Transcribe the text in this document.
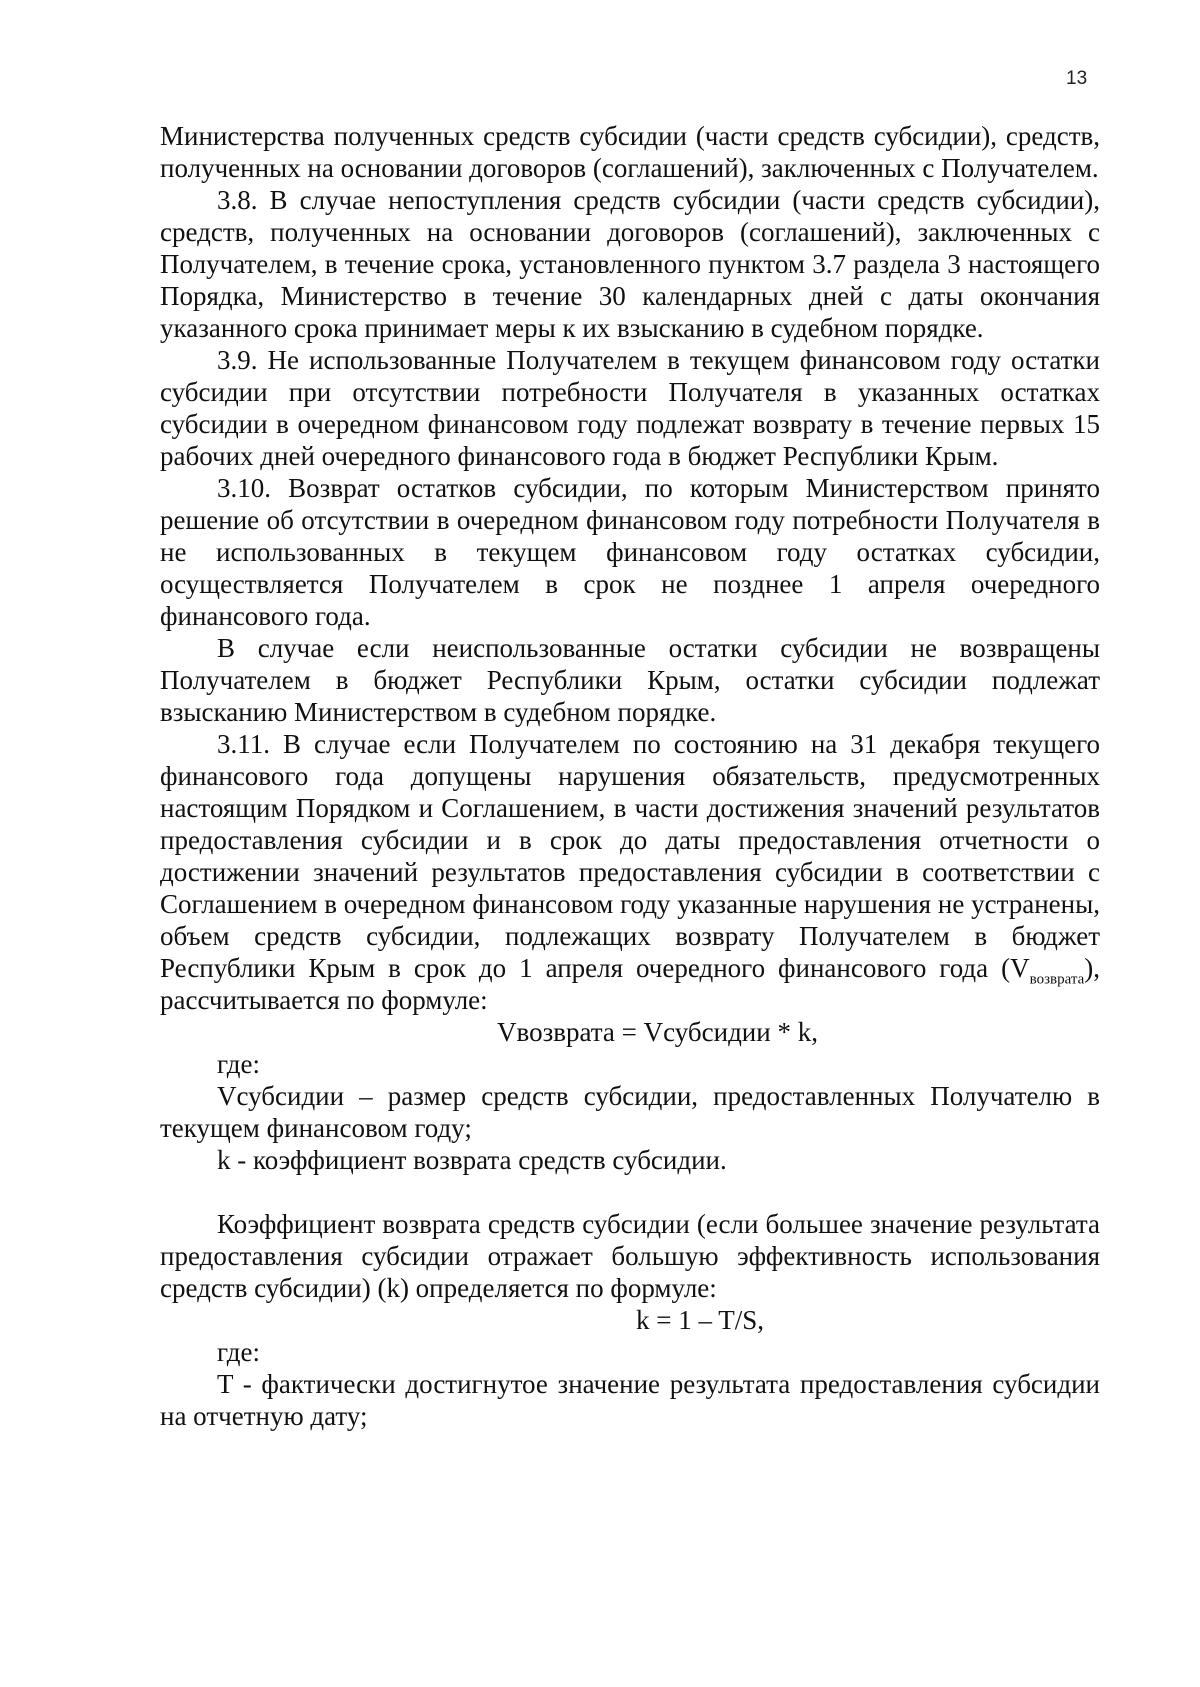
13

Министерства полученных средств субсидии (части средств субсидии), средств, полученных на основании договоров (соглашений), заключенных с Получателем.

3.8. В случае непоступления средств субсидии (части средств субсидии), средств, полученных на основании договоров (соглашений), заключенных с Получателем, в течение срока, установленного пунктом 3.7 раздела 3 настоящего Порядка, Министерство в течение 30 календарных дней с даты окончания указанного срока принимает меры к их взысканию в судебном порядке.

3.9. Не использованные Получателем в текущем финансовом году остатки субсидии при отсутствии потребности Получателя в указанных остатках субсидии в очередном финансовом году подлежат возврату в течение первых 15 рабочих дней очередного финансового года в бюджет Республики Крым.

3.10. Возврат остатков субсидии, по которым Министерством принято решение об отсутствии в очередном финансовом году потребности Получателя в не использованных в текущем финансовом году остатках субсидии, осуществляется Получателем в срок не позднее 1 апреля очередного финансового года.

В случае если неиспользованные остатки субсидии не возвращены Получателем в бюджет Республики Крым, остатки субсидии подлежат взысканию Министерством в судебном порядке.

3.11. В случае если Получателем по состоянию на 31 декабря текущего финансового года допущены нарушения обязательств, предусмотренных настоящим Порядком и Соглашением, в части достижения значений результатов предоставления субсидии и в срок до даты предоставления отчетности о достижении значений результатов предоставления субсидии в соответствии с Соглашением в очередном финансовом году указанные нарушения не устранены, объем средств субсидии, подлежащих возврату Получателем в бюджет Республики Крым в срок до 1 апреля очередного финансового года $(V_{возврата})$, рассчитывается по формуле:

Vвозврата = Vсубсидии * k,

где:

Vсубсидии – размер средств субсидии, предоставленных Получателю в текущем финансовом году;

k - коэффициент возврата средств субсидии.

Коэффициент возврата средств субсидии (если большее значение результата предоставления субсидии отражает большую эффективность использования средств субсидии) (k) определяется по формуле:

k = 1 – T/S,

где:

T - фактически достигнутое значение результата предоставления субсидии на отчетную дату;
